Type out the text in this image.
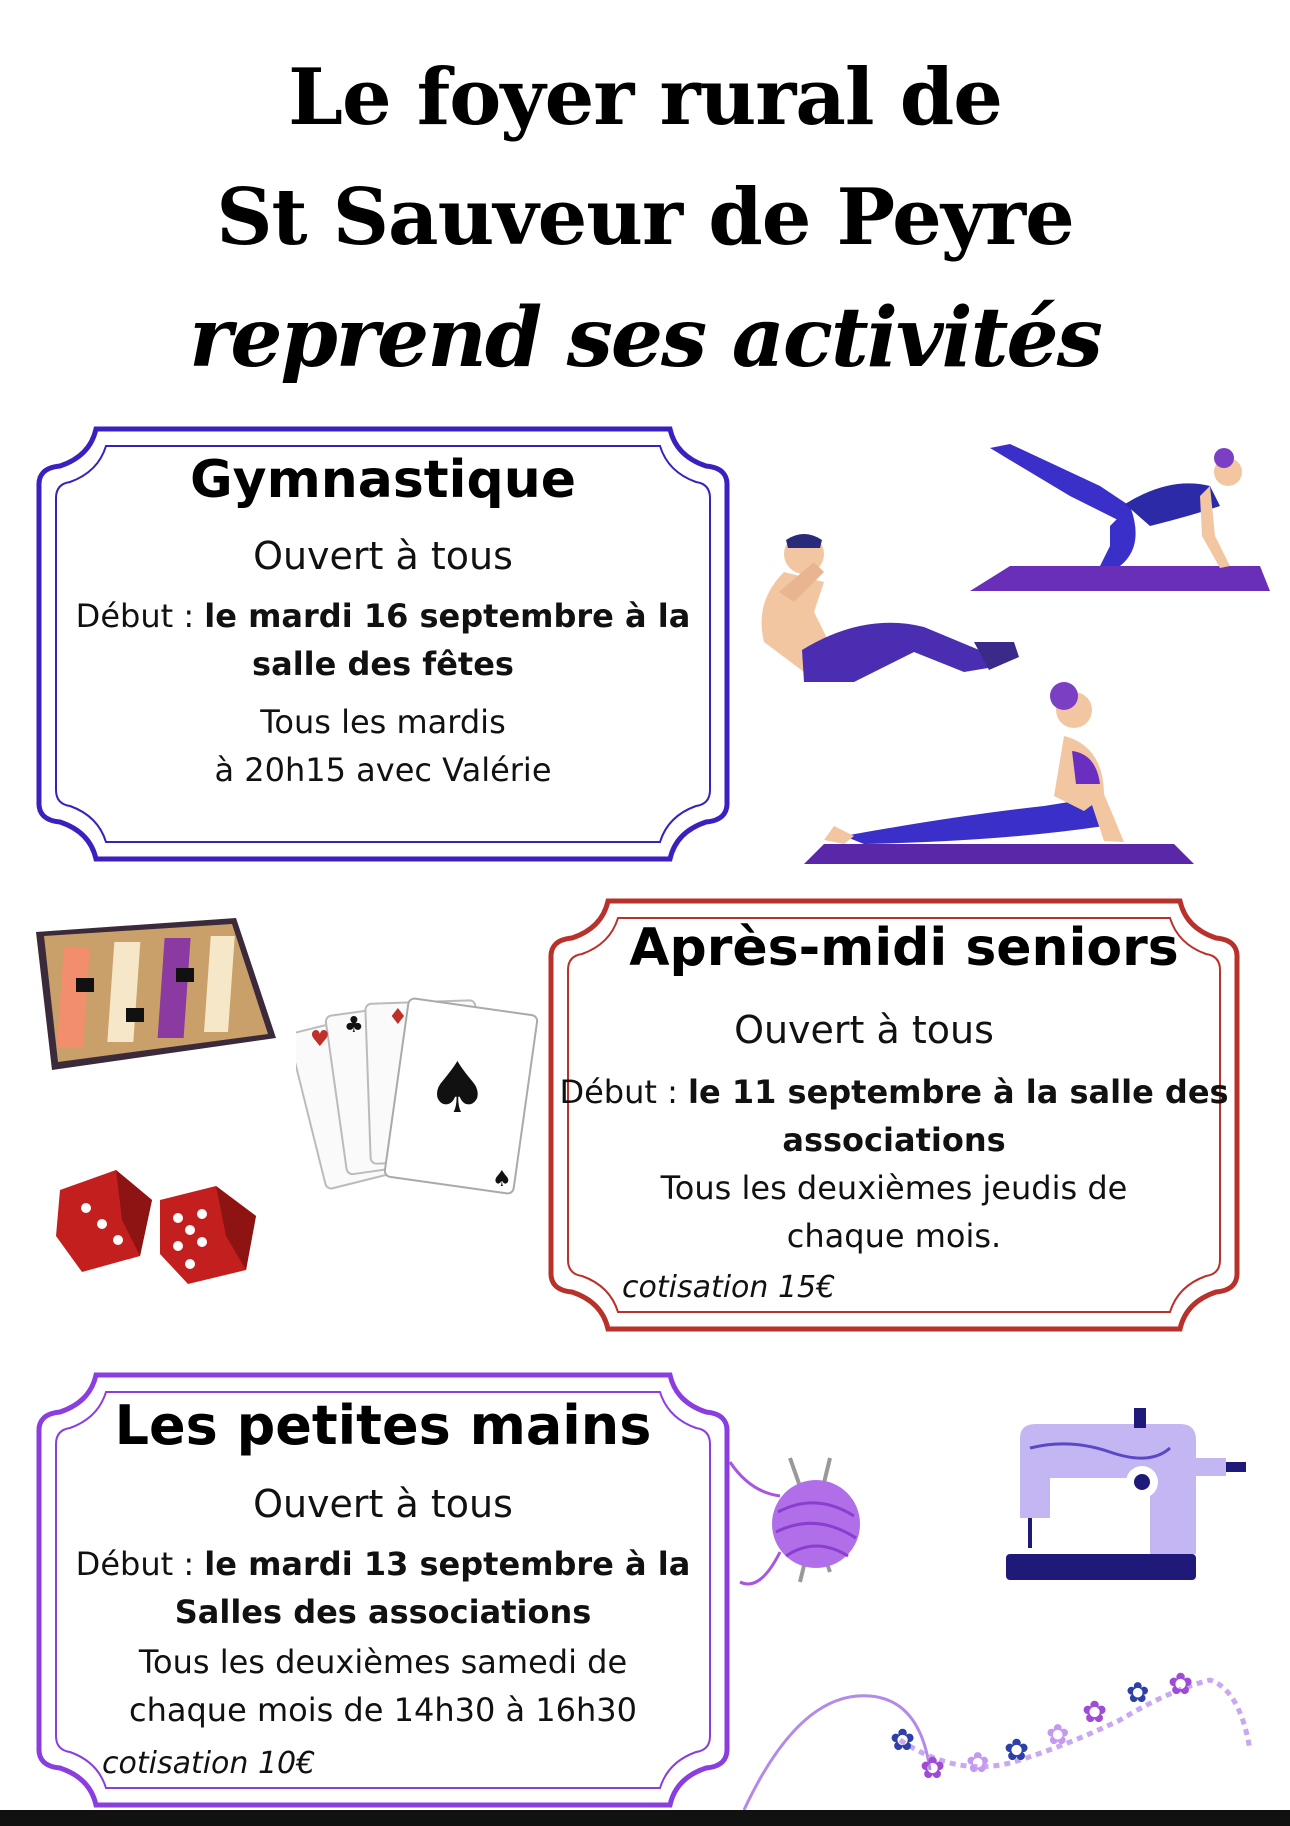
Le foyer rural de
St Sauveur de Peyre
reprend ses activités
Gymnastique
Ouvert à tous
Début : le mardi 16 septembre à la
salle des fêtes
Tous les mardis
à 20h15 avec Valérie
Après-midi seniors
Ouvert à tous
Début : le 11 septembre à la salle des
associations
Tous les deuxièmes jeudis de
chaque mois.
cotisation 15€
♥
♣ ♦
♠
♠
Les petites mains
Ouvert à tous
Début : le mardi 13 septembre à la
Salles des associations
Tous les deuxièmes samedi de
chaque mois de 14h30 à 16h30
cotisation 10€
✿
✿ ✿ ✿ ✿
✿
✿ ✿
